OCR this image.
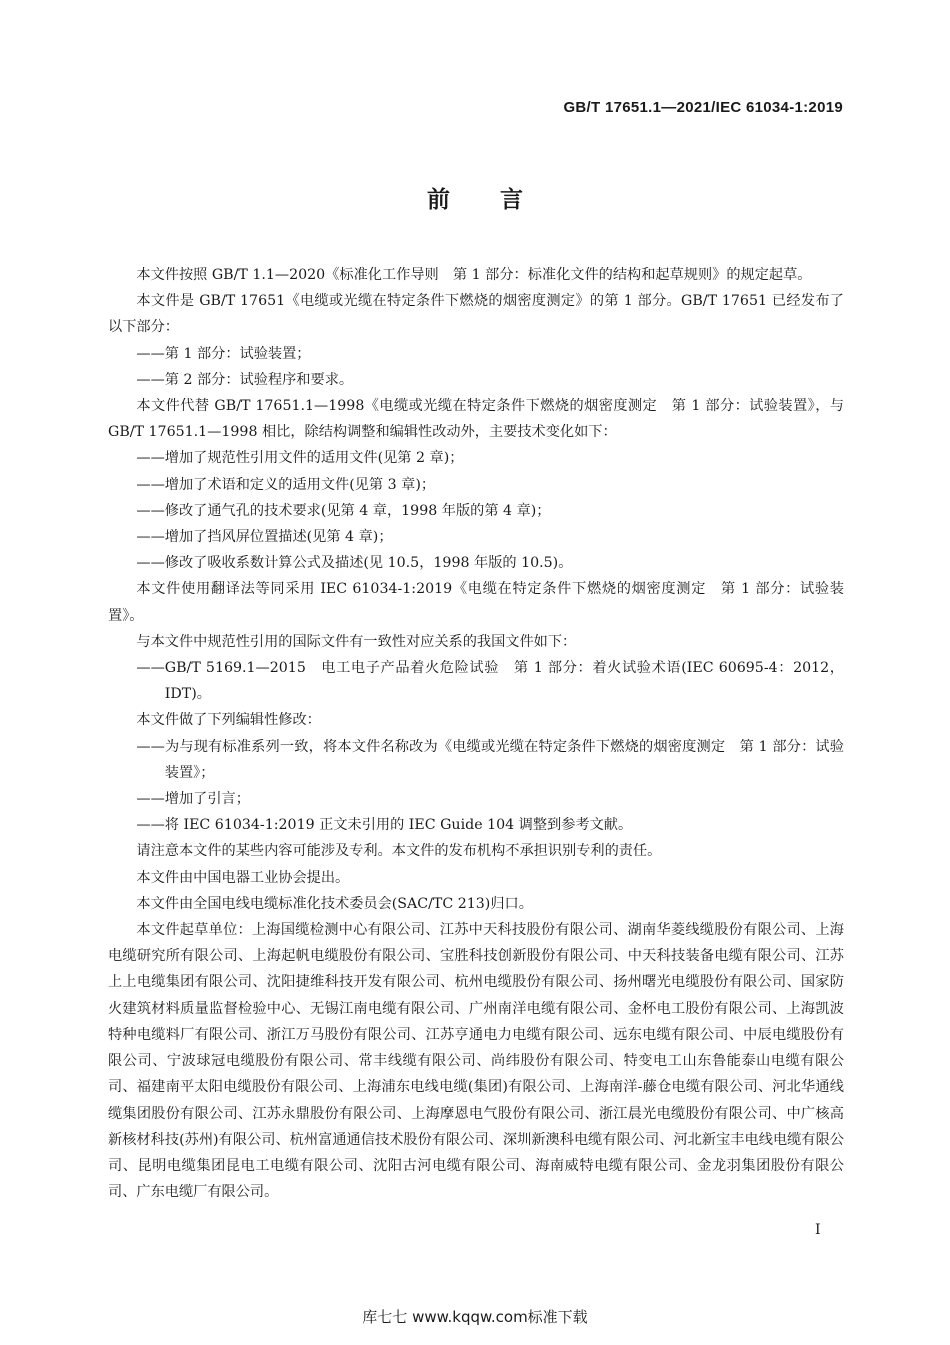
GB/T 17651.1—2021/IEC 61034-1:2019
前言

本文件按照 GB/T 1.1—2020《标准化工作导则　第 1 部分：标准化文件的结构和起草规则》的规定起草。

本文件是 GB/T 17651《电缆或光缆在特定条件下燃烧的烟密度测定》的第 1 部分。GB/T 17651 已经发布了以下部分：

——第 1 部分：试验装置；

——第 2 部分：试验程序和要求。

本文件代替 GB/T 17651.1—1998《电缆或光缆在特定条件下燃烧的烟密度测定　第 1 部分：试验装置》，与 GB/T 17651.1—1998 相比，除结构调整和编辑性改动外，主要技术变化如下：

——增加了规范性引用文件的适用文件(见第 2 章)；

——增加了术语和定义的适用文件(见第 3 章)；

——修改了通气孔的技术要求(见第 4 章，1998 年版的第 4 章)；

——增加了挡风屏位置描述(见第 4 章)；

——修改了吸收系数计算公式及描述(见 10.5，1998 年版的 10.5)。

本文件使用翻译法等同采用 IEC 61034-1:2019《电缆在特定条件下燃烧的烟密度测定　第 1 部分：试验装置》。

与本文件中规范性引用的国际文件有一致性对应关系的我国文件如下：

——GB/T 5169.1—2015　电工电子产品着火危险试验　第 1 部分：着火试验术语(IEC 60695-4：2012，IDT)。

本文件做了下列编辑性修改：

——为与现有标准系列一致，将本文件名称改为《电缆或光缆在特定条件下燃烧的烟密度测定　第 1 部分：试验装置》；

——增加了引言；

——将 IEC 61034-1:2019 正文未引用的 IEC Guide 104 调整到参考文献。

请注意本文件的某些内容可能涉及专利。本文件的发布机构不承担识别专利的责任。

本文件由中国电器工业协会提出。

本文件由全国电线电缆标准化技术委员会(SAC/TC 213)归口。

本文件起草单位：上海国缆检测中心有限公司、江苏中天科技股份有限公司、湖南华菱线缆股份有限公司、上海电缆研究所有限公司、上海起帆电缆股份有限公司、宝胜科技创新股份有限公司、中天科技装备电缆有限公司、江苏上上电缆集团有限公司、沈阳捷维科技开发有限公司、杭州电缆股份有限公司、扬州曙光电缆股份有限公司、国家防火建筑材料质量监督检验中心、无锡江南电缆有限公司、广州南洋电缆有限公司、金杯电工股份有限公司、上海凯波特种电缆料厂有限公司、浙江万马股份有限公司、江苏亨通电力电缆有限公司、远东电缆有限公司、中辰电缆股份有限公司、宁波球冠电缆股份有限公司、常丰线缆有限公司、尚纬股份有限公司、特变电工山东鲁能泰山电缆有限公司、福建南平太阳电缆股份有限公司、上海浦东电线电缆(集团)有限公司、上海南洋-藤仓电缆有限公司、河北华通线缆集团股份有限公司、江苏永鼎股份有限公司、上海摩恩电气股份有限公司、浙江晨光电缆股份有限公司、中广核高新核材科技(苏州)有限公司、杭州富通通信技术股份有限公司、深圳新澳科电缆有限公司、河北新宝丰电线电缆有限公司、昆明电缆集团昆电工电缆有限公司、沈阳古河电缆有限公司、海南威特电缆有限公司、金龙羽集团股份有限公司、广东电缆厂有限公司。

I
库七七 www.kqqw.com标准下载
